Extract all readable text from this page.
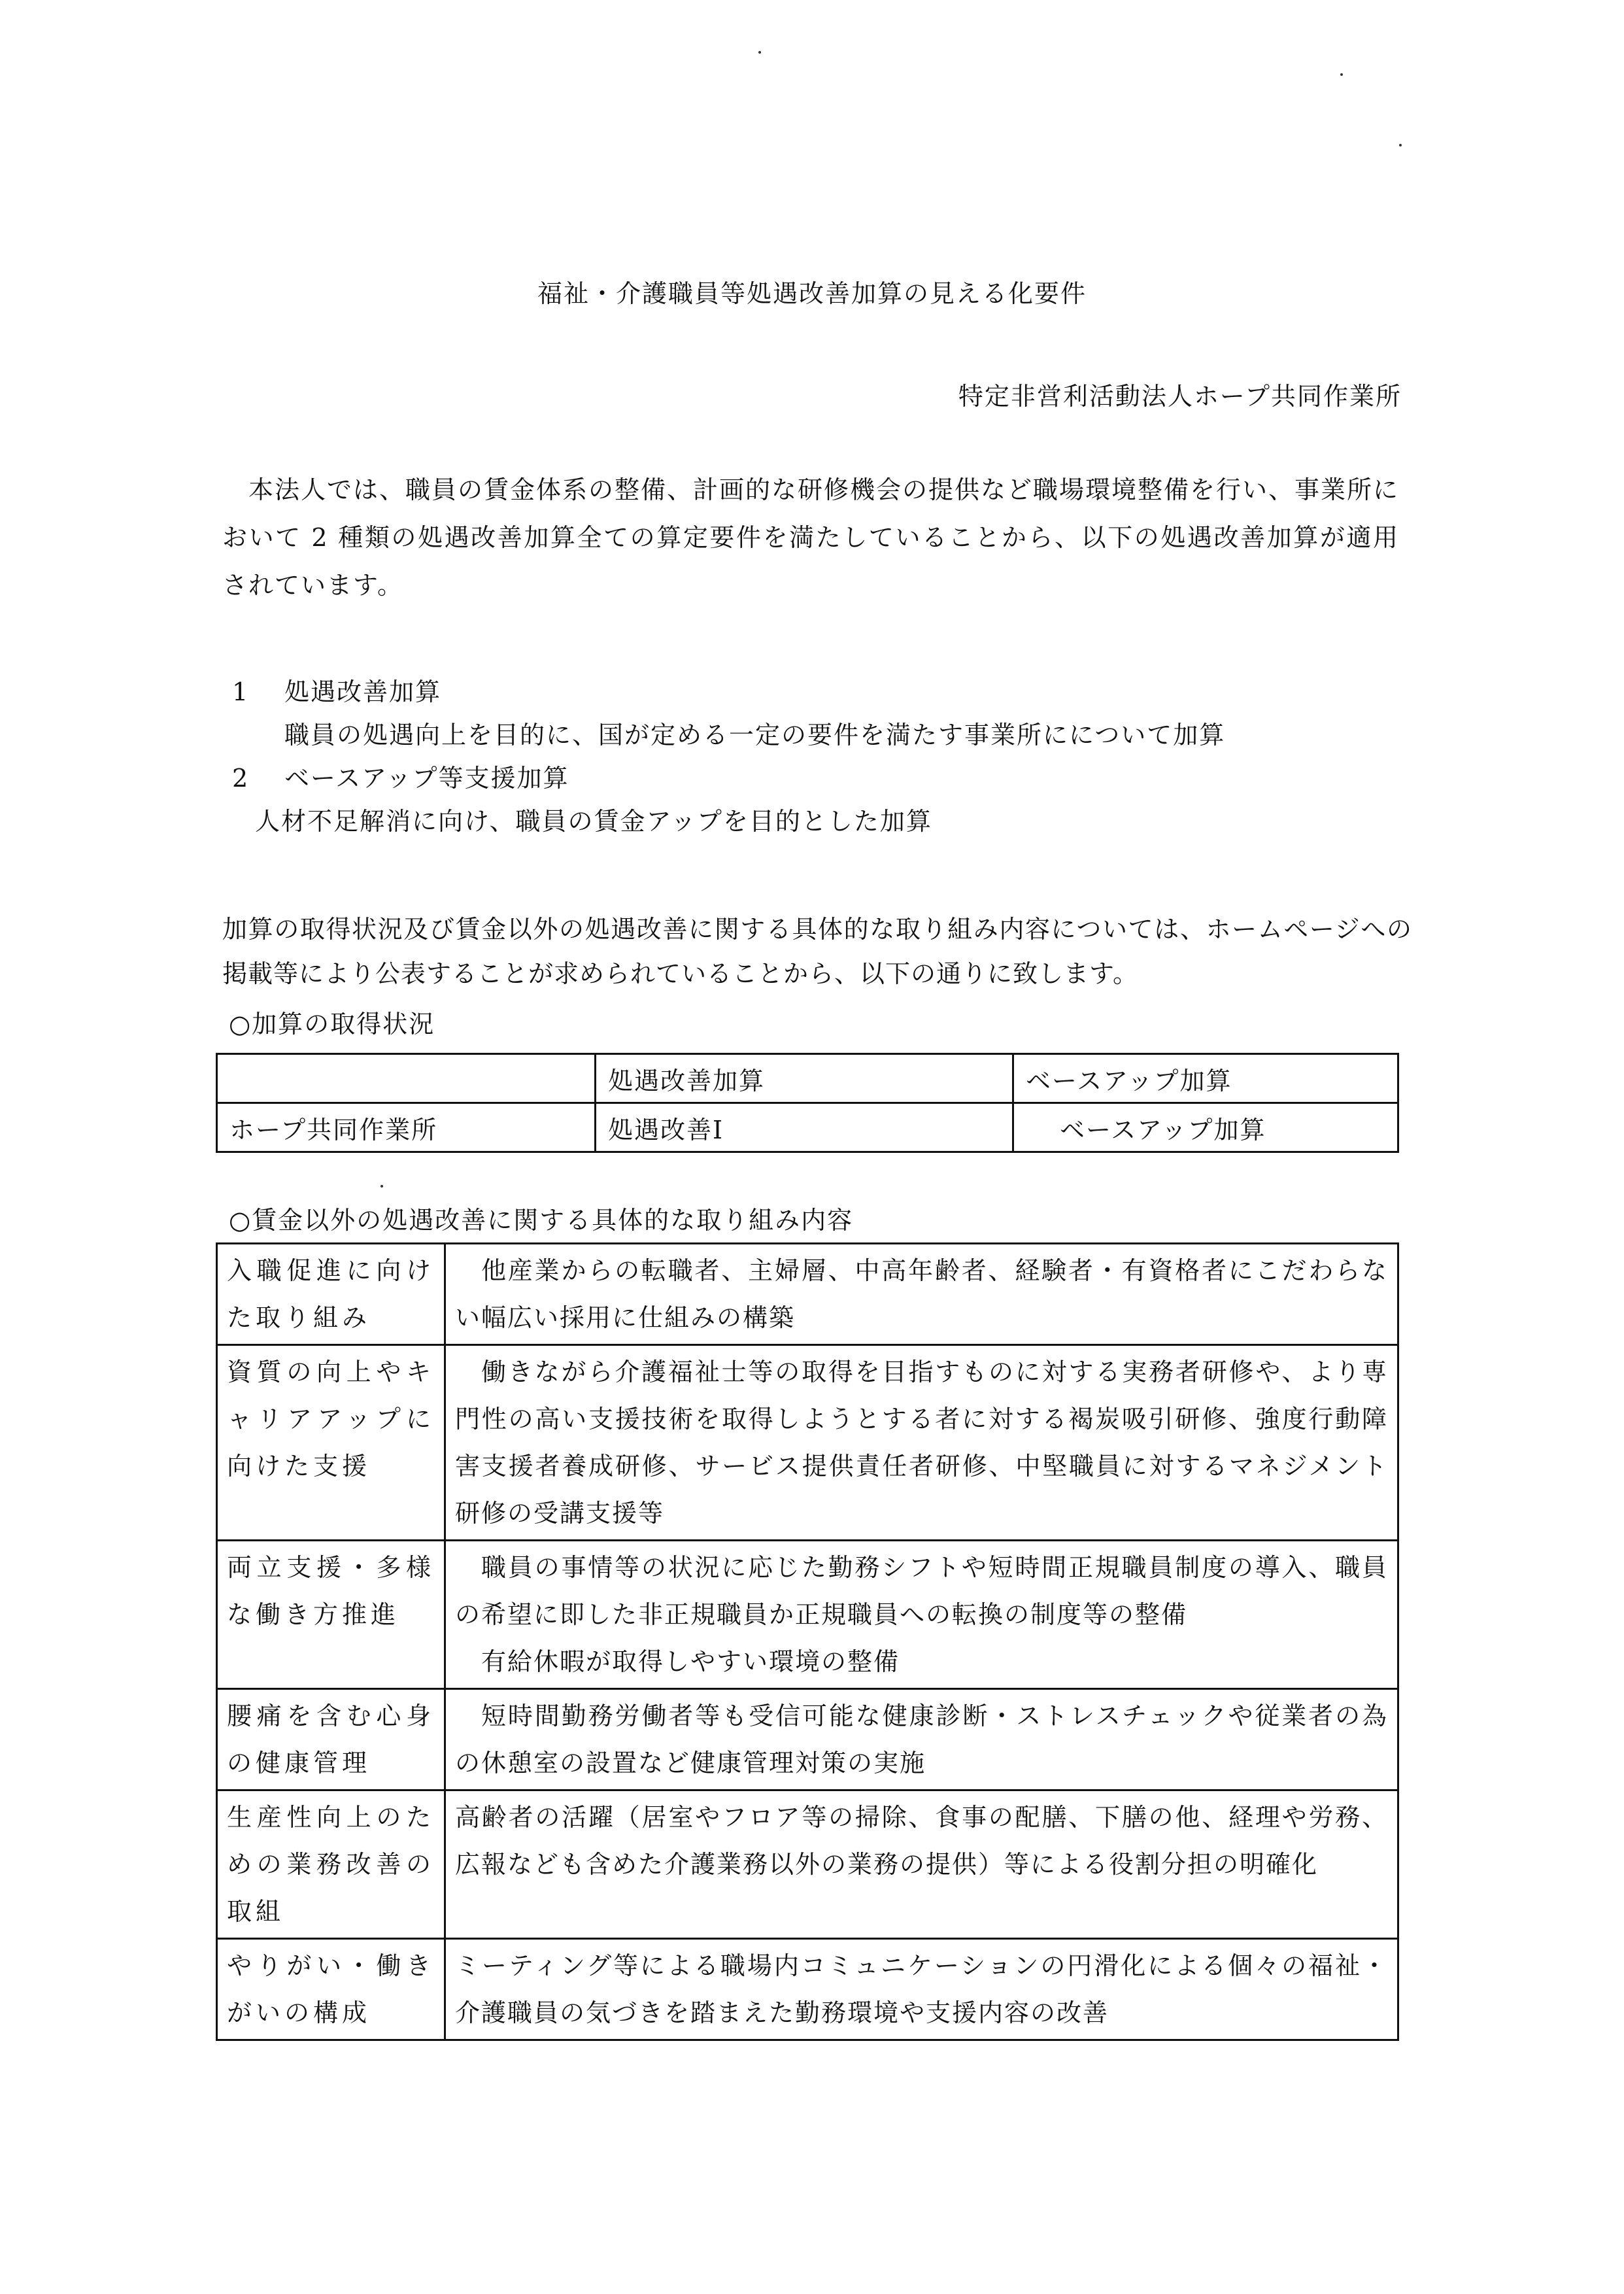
福祉・介護職員等処遇改善加算の見える化要件
特定非営利活動法人ホープ共同作業所
本法人では、職員の賃金体系の整備、計画的な研修機会の提供など職場環境整備を行い、事業所において 2 種類の処遇改善加算全ての算定要件を満たしていることから、以下の処遇改善加算が適用されています。
1 処遇改善加算
職員の処遇向上を目的に、国が定める一定の要件を満たす事業所にについて加算
2 ベースアップ等支援加算
人材不足解消に向け、職員の賃金アップを目的とした加算
加算の取得状況及び賃金以外の処遇改善に関する具体的な取り組み内容については、ホームページへの掲載等により公表することが求められていることから、以下の通りに致します。
○加算の取得状況
	処遇改善加算	ベースアップ加算
ホープ共同作業所	処遇改善Ⅰ	ベースアップ加算
○賃金以外の処遇改善に関する具体的な取り組み内容
入職促進に向けた取り組み	他産業からの転職者、主婦層、中高年齢者、経験者・有資格者にこだわらない幅広い採用に仕組みの構築
資質の向上やキャリアアップに向けた支援	働きながら介護福祉士等の取得を目指すものに対する実務者研修や、より専門性の高い支援技術を取得しようとする者に対する褐炭吸引研修、強度行動障害支援者養成研修、サービス提供責任者研修、中堅職員に対するマネジメント研修の受講支援等
両立支援・多様な働き方推進	職員の事情等の状況に応じた勤務シフトや短時間正規職員制度の導入、職員の希望に即した非正規職員か正規職員への転換の制度等の整備
有給休暇が取得しやすい環境の整備

腰痛を含む心身の健康管理	短時間勤務労働者等も受信可能な健康診断・ストレスチェックや従業者の為の休憩室の設置など健康管理対策の実施
生産性向上のための業務改善の取組	高齢者の活躍（居室やフロア等の掃除、食事の配膳、下膳の他、経理や労務、広報なども含めた介護業務以外の業務の提供）等による役割分担の明確化
やりがい・働きがいの構成	ミーティング等による職場内コミュニケーションの円滑化による個々の福祉・介護職員の気づきを踏まえた勤務環境や支援内容の改善
